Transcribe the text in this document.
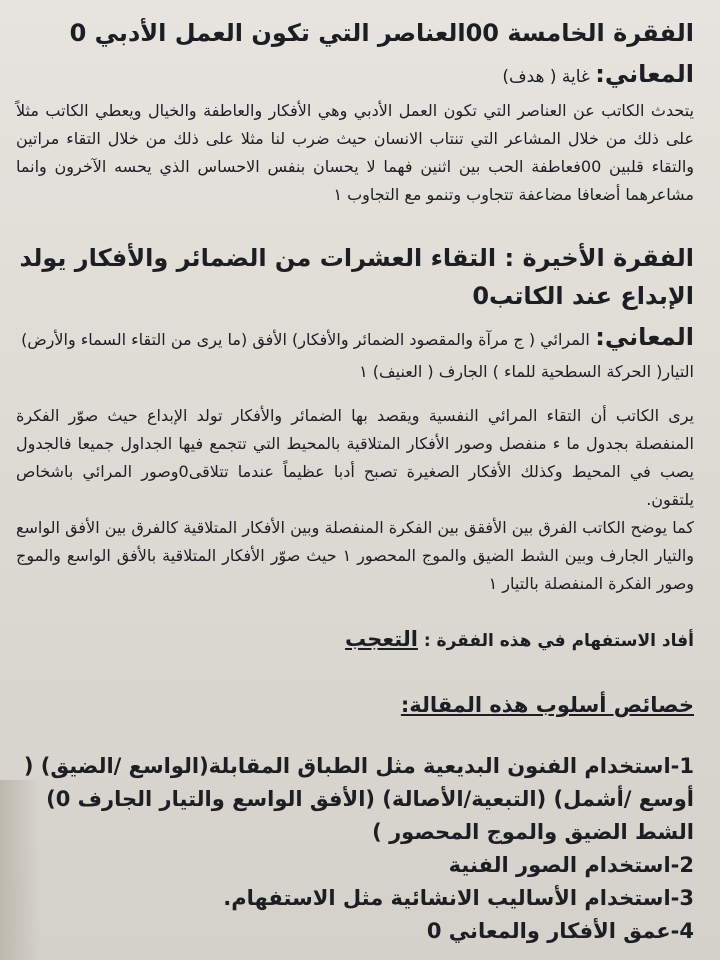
الفقرة الخامسة 00العناصر التي تكون العمل الأدبي 0
المعاني: غاية ( هدف)

يتحدث الكاتب عن العناصر التي تكون العمل الأدبي وهي الأفكار والعاطفة والخيال ويعطي الكاتب مثلاً على ذلك من خلال المشاعر التي تنتاب الانسان حيث ضرب لنا مثلا على ذلك من خلال التقاء مراتين والتقاء قلبين 00فعاطفة الحب بين اثنين فهما لا يحسان بنفس الاحساس الذي يحسه الآخرون وانما مشاعرهما أضعافا مضاعفة تتجاوب وتنمو مع التجاوب ١

الفقرة الأخيرة : التقاء العشرات من الضمائر والأفكار يولد الإبداع عند الكاتب0
المعاني: المرائي ( ج مرآة والمقصود الضمائر والأفكار) الأفق (ما يرى من التقاء السماء والأرض) التيار( الحركة السطحية للماء ) الجارف ( العنيف) ١

يرى الكاتب أن التقاء المرائي النفسية ويقصد بها الضمائر والأفكار تولد الإبداع حيث صوّر الفكرة المنفصلة بجدول ما ء منفصل وصور الأفكار المتلاقية بالمحيط التي تتجمع فيها الجداول جميعا فالجدول يصب في المحيط وكذلك الأفكار الصغيرة تصبح أدبا عظيماً عندما تتلاقى0وصور المرائي باشخاص يلتقون.

كما يوضح الكاتب الفرق بين الأفقق بين الفكرة المنفصلة وبين الأفكار المتلاقية كالفرق بين الأفق الواسع والتيار الجارف وبين الشط الضيق والموج المحصور ١ حيث صوّر الأفكار المتلاقية بالأفق الواسع والموج وصور الفكرة المنفصلة بالتيار ١

أفاد الاستفهام في هذه الفقرة : التعجب
خصائص أسلوب هذه المقالة:
1-استخدام الفنون البديعية مثل الطباق المقابلة(الواسع /الضيق) ( أوسع /أشمل) (التبعية/الأصالة) (الأفق الواسع والتيار الجارف 0) الشط الضيق والموج المحصور )
2-استخدام الصور الفنية
3-استخدام الأساليب الانشائية مثل الاستفهام.
4-عمق الأفكار والمعاني 0
